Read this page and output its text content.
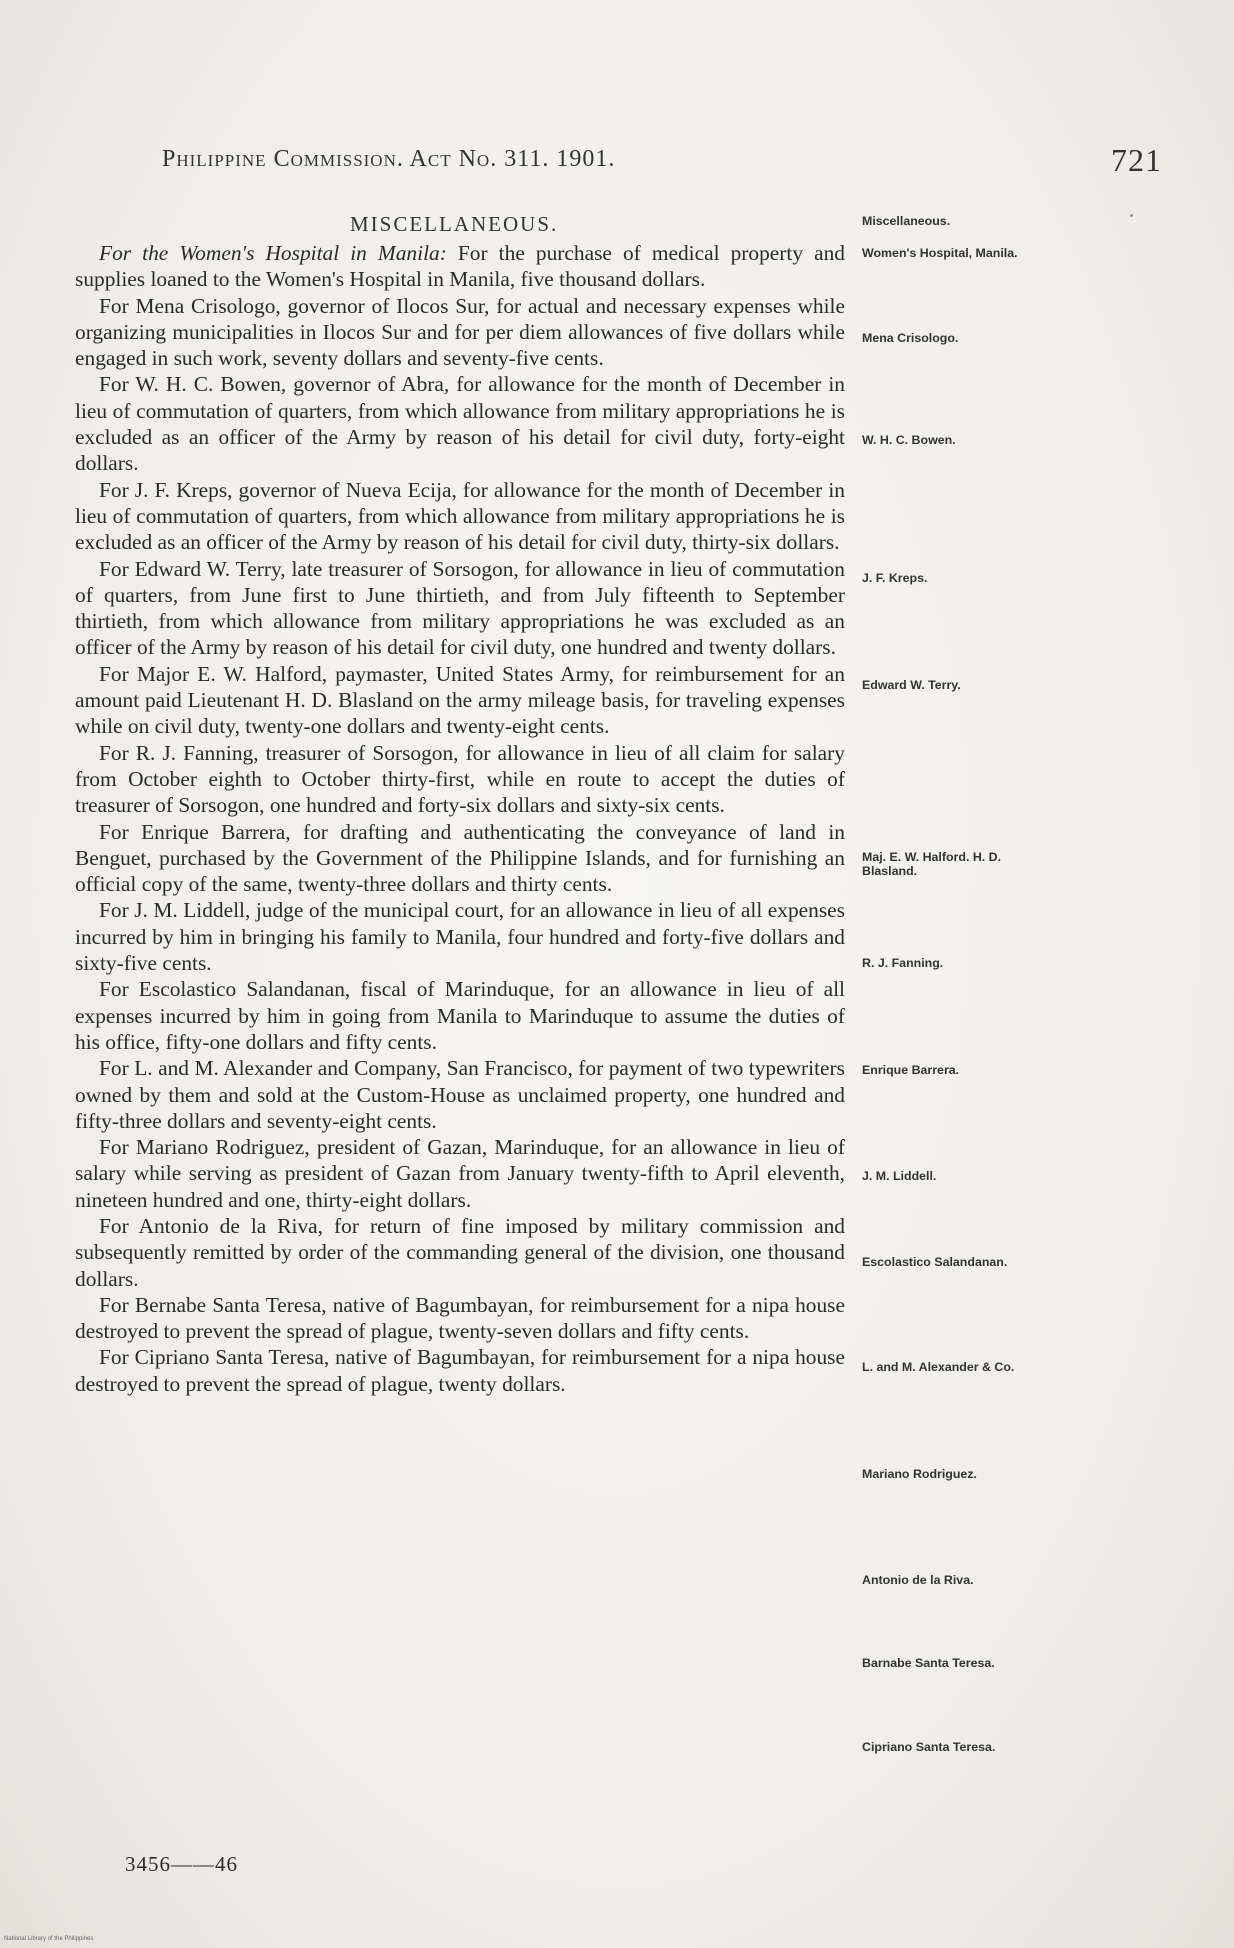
Philippine Commission. Act No. 311. 1901.	721
MISCELLANEOUS.

For the Women's Hospital in Manila: For the purchase of medical property and supplies loaned to the Women's Hospital in Manila, five thousand dollars.

For Mena Crisologo, governor of Ilocos Sur, for actual and necessary expenses while organizing municipalities in Ilocos Sur and for per diem allowances of five dollars while engaged in such work, seventy dollars and seventy-five cents.

For W. H. C. Bowen, governor of Abra, for allowance for the month of December in lieu of commutation of quarters, from which allowance from military appropriations he is excluded as an officer of the Army by reason of his detail for civil duty, forty-eight dollars.

For J. F. Kreps, governor of Nueva Ecija, for allowance for the month of December in lieu of commutation of quarters, from which allowance from military appropriations he is excluded as an officer of the Army by reason of his detail for civil duty, thirty-six dollars.

For Edward W. Terry, late treasurer of Sorsogon, for allowance in lieu of commutation of quarters, from June first to June thirtieth, and from July fifteenth to September thirtieth, from which allowance from military appropriations he was excluded as an officer of the Army by reason of his detail for civil duty, one hundred and twenty dollars.

For Major E. W. Halford, paymaster, United States Army, for reimbursement for an amount paid Lieutenant H. D. Blasland on the army mileage basis, for traveling expenses while on civil duty, twenty-one dollars and twenty-eight cents.

For R. J. Fanning, treasurer of Sorsogon, for allowance in lieu of all claim for salary from October eighth to October thirty-first, while en route to accept the duties of treasurer of Sorsogon, one hundred and forty-six dollars and sixty-six cents.

For Enrique Barrera, for drafting and authenticating the conveyance of land in Benguet, purchased by the Government of the Philippine Islands, and for furnishing an official copy of the same, twenty-three dollars and thirty cents.

For J. M. Liddell, judge of the municipal court, for an allowance in lieu of all expenses incurred by him in bringing his family to Manila, four hundred and forty-five dollars and sixty-five cents.

For Escolastico Salandanan, fiscal of Marinduque, for an allowance in lieu of all expenses incurred by him in going from Manila to Marinduque to assume the duties of his office, fifty-one dollars and fifty cents.

For L. and M. Alexander and Company, San Francisco, for payment of two typewriters owned by them and sold at the Custom-House as unclaimed property, one hundred and fifty-three dollars and seventy-eight cents.

For Mariano Rodriguez, president of Gazan, Marinduque, for an allowance in lieu of salary while serving as president of Gazan from January twenty-fifth to April eleventh, nineteen hundred and one, thirty-eight dollars.

For Antonio de la Riva, for return of fine imposed by military commission and subsequently remitted by order of the commanding general of the division, one thousand dollars.

For Bernabe Santa Teresa, native of Bagumbayan, for reimbursement for a nipa house destroyed to prevent the spread of plague, twenty-seven dollars and fifty cents.

For Cipriano Santa Teresa, native of Bagumbayan, for reimbursement for a nipa house destroyed to prevent the spread of plague, twenty dollars.

Miscellaneous.
Women's Hospital, Manila.
Mena Crisologo.
W. H. C. Bowen.
J. F. Kreps.
Edward W. Terry.
Maj. E. W. Halford. H. D. Blasland.
R. J. Fanning.
Enrique Barrera.
J. M. Liddell.
Escolastico Salandanan.
L. and M. Alexander & Co.
Mariano Rodriguez.
Antonio de la Riva.
Barnabe Santa Teresa.
Cipriano Santa Teresa.
3456——46
National Library of the Philippines
